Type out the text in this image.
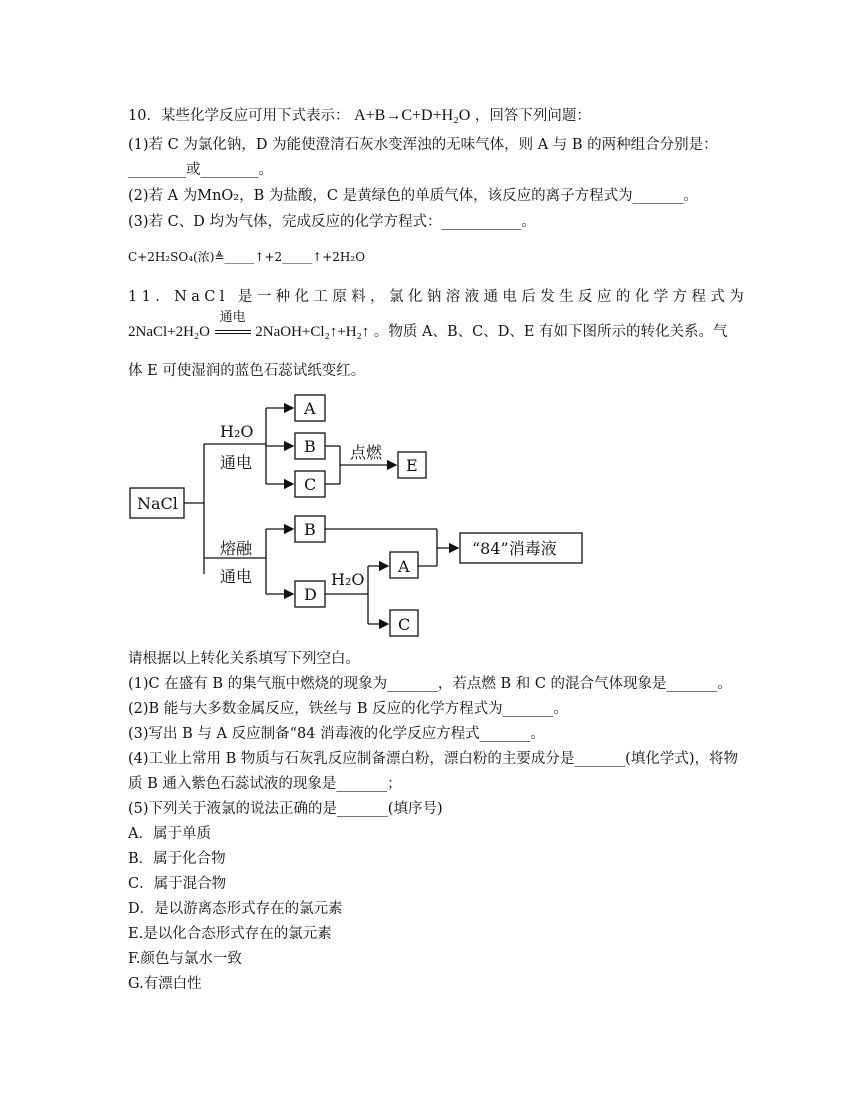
10．某些化学反应可用下式表示： A+B→C+D+H₂O ，回答下列问题：
(1)若 C 为氯化钠，D 为能使澄清石灰水变浑浊的无味气体，则 A 与 B 的两种组合分别是：
________或________。
(2)若 A 为MnO₂，B 为盐酸，C 是黄绿色的单质气体，该反应的离子方程式为_______。
(3)若 C、D 均为气体，完成反应的化学方程式：___________。
C+2H₂SO₄(浓)≜_____↑+2_____↑+2H₂O
11．NaCl 是一种化工原料，氯化钠溶液通电后发生反应的化学方程式为
2NaCl+2H₂O
通电
2NaOH+Cl₂↑+H₂↑ 。物质 A、B、C、D、E 有如下图所示的转化关系。气
体 E 可使湿润的蓝色石蕊试纸变红。
NaCl
H₂O
通电
A
B
C
点燃
E
熔融
通电
B
D
H₂O
A
C
“84”消毒液
请根据以上转化关系填写下列空白。
(1)C 在盛有 B 的集气瓶中燃烧的现象为_______，若点燃 B 和 C 的混合气体现象是_______。
(2)B 能与大多数金属反应，铁丝与 B 反应的化学方程式为_______。
(3)写出 B 与 A 反应制备“84 消毒液的化学反应方程式_______。
(4)工业上常用 B 物质与石灰乳反应制备漂白粉，漂白粉的主要成分是_______(填化学式)，将物
质 B 通入紫色石蕊试液的现象是_______；
(5)下列关于液氯的说法正确的是_______(填序号)
A．属于单质
B．属于化合物
C．属于混合物
D．是以游离态形式存在的氯元素
E.是以化合态形式存在的氯元素
F.颜色与氯水一致
G.有漂白性
